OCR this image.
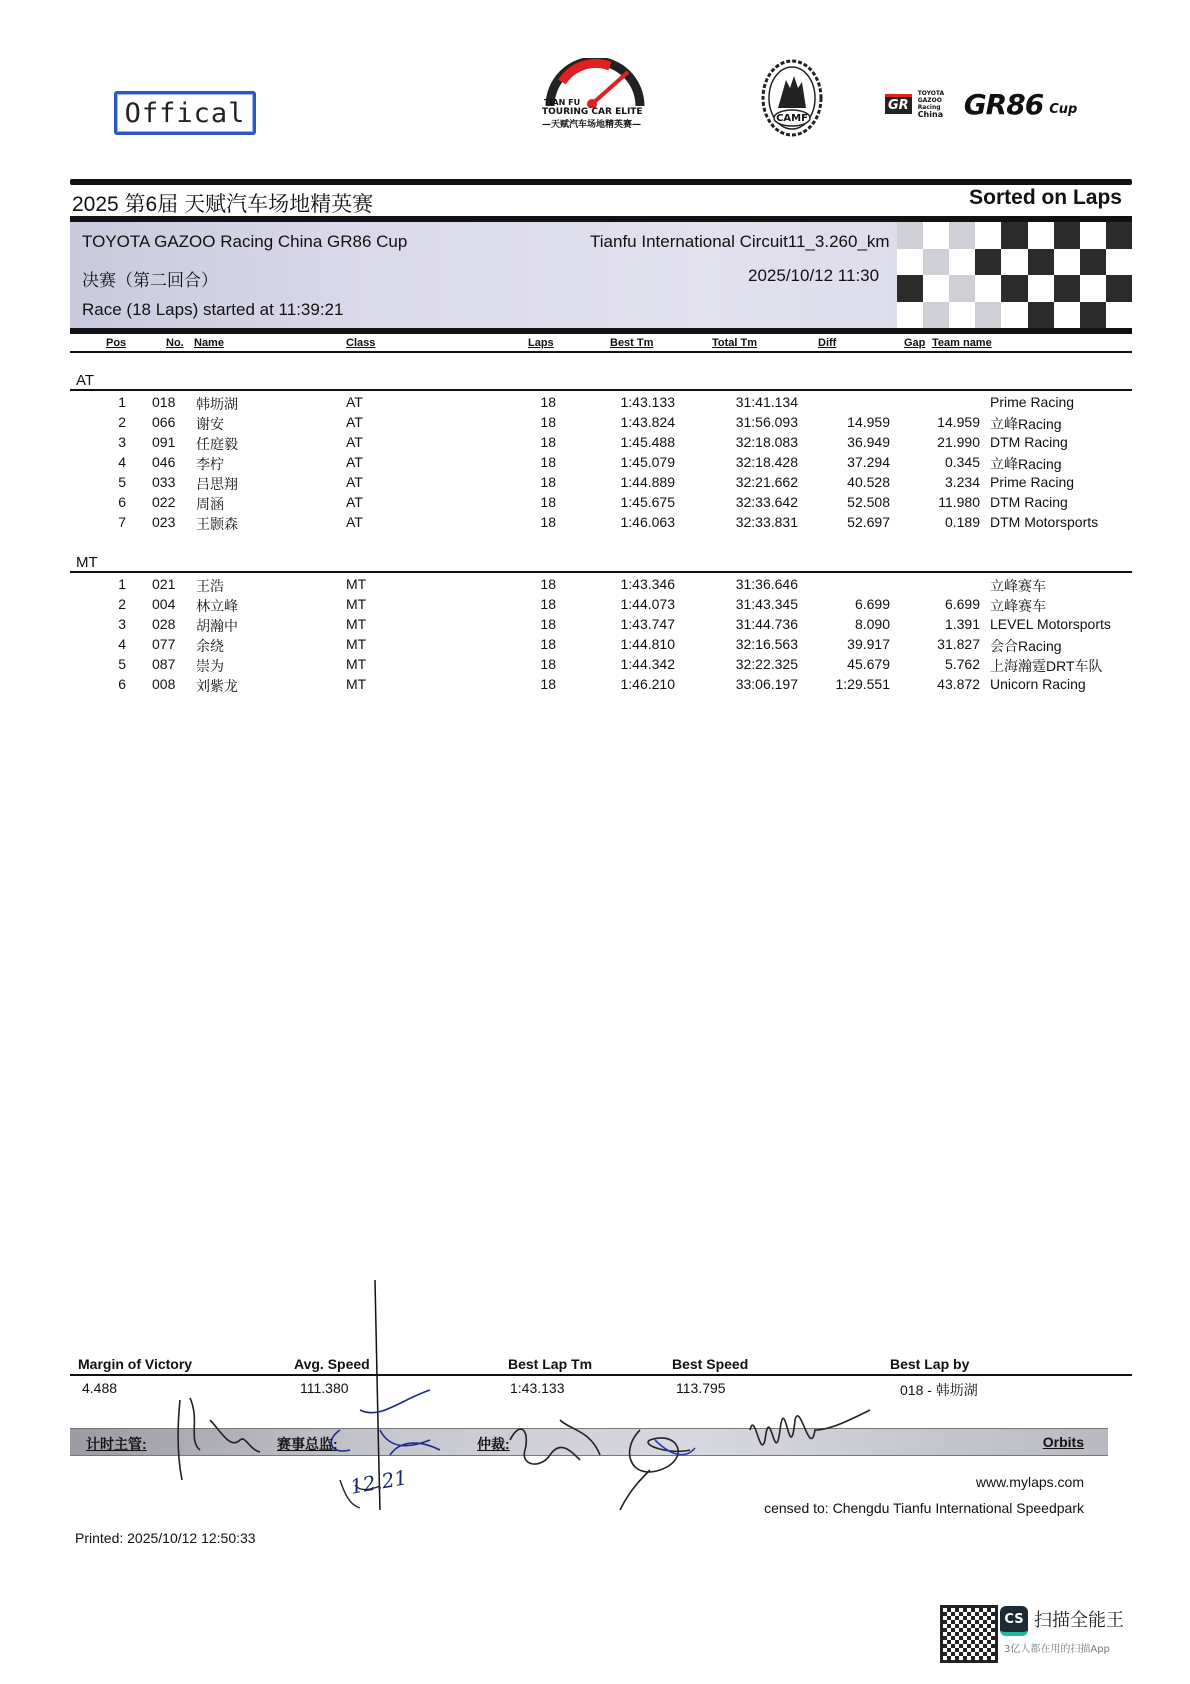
Offical	TIAN FU
TOURING CAR ELITE
—天赋汽车场地精英赛—
CAMF
GR
TOYOTA GAZOO Racing
China GR86 Cup
2025 第6届 天赋汽车场地精英赛	Sorted on Laps
TOYOTA GAZOO Racing China GR86 Cup
决赛（第二回合）
Race (18 Laps) started at 11:39:21
Tianfu International Circuit11_3.260_km
2025/10/12 11:30
Pos	No. Name	Class	Laps	Best Tm	Total Tm	Diff	Gap Team name
AT
1 018 韩坜湖	AT	18	1:43.133	31:41.134	Prime Racing
2 066 谢安	AT	18	1:43.824	31:56.093	14.959	14.959 立峰Racing
3 091 任庭毅	AT	18	1:45.488	32:18.083	36.949	21.990 DTM Racing
4 046 李柠	AT	18	1:45.079	32:18.428	37.294	0.345 立峰Racing
5 033 吕思翔	AT	18	1:44.889	32:21.662	40.528	3.234 Prime Racing
6 022 周涵	AT	18	1:45.675	32:33.642	52.508	11.980 DTM Racing
7 023 王颢森	AT	18	1:46.063	32:33.831	52.697	0.189 DTM Motorsports
MT
1 021 王浩	MT	18	1:43.346	31:36.646	立峰赛车
2 004 林立峰	MT	18	1:44.073	31:43.345	6.699	6.699 立峰赛车
3 028 胡瀚中	MT	18	1:43.747	31:44.736	8.090	1.391 LEVEL Motorsports
4 077 余绕	MT	18	1:44.810	32:16.563	39.917	31.827 会合Racing
5 087 崇为	MT	18	1:44.342	32:22.325	45.679	5.762 上海瀚霆DRT车队
6 008 刘紫龙	MT	18	1:46.210	33:06.197	1:29.551	43.872 Unicorn Racing
Margin of Victory	Avg. Speed	Best Lap Tm	Best Speed	Best Lap by
4.488	111.380	1:43.133	113.795	018 - 韩坜湖
计时主管:	赛事总监:	仲裁:	Orbits
12.21	www.mylaps.com
censed to: Chengdu Tianfu International Speedpark
Printed: 2025/10/12 12:50:33
CS 扫描全能王
3亿人都在用的扫描App
